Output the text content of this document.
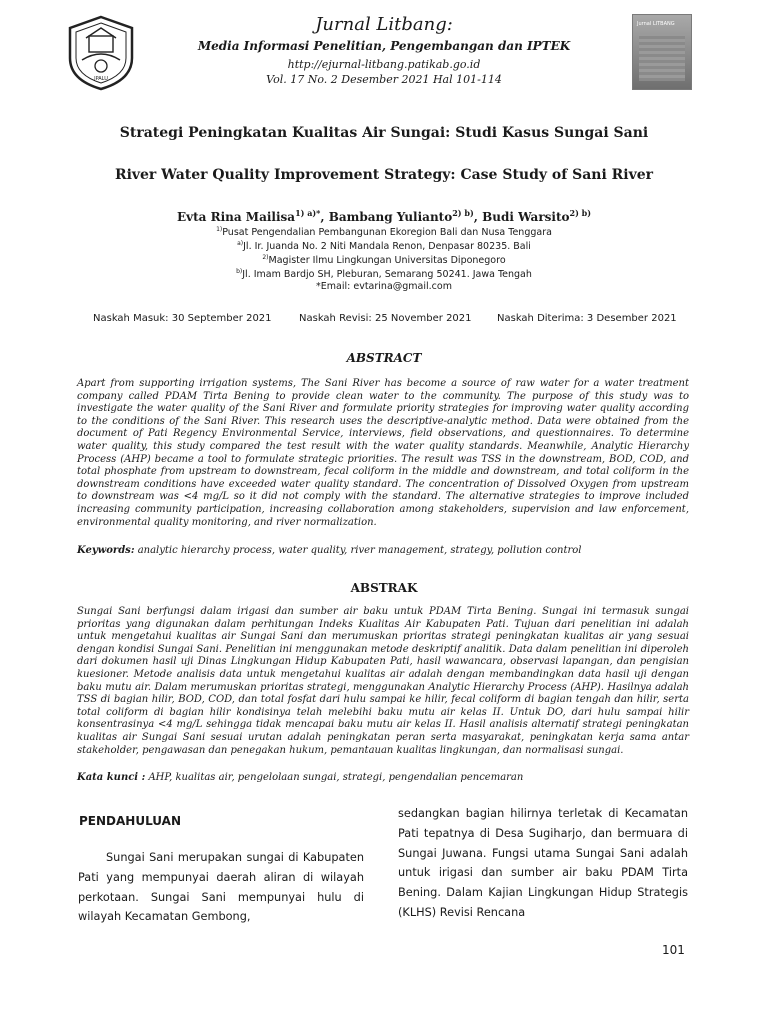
JPALU
Jurnal LITBANG
Jurnal Litbang:
Media Informasi Penelitian, Pengembangan dan IPTEK
http://ejurnal-litbang.patikab.go.id
Vol. 17 No. 2 Desember 2021 Hal 101-114
Strategi Peningkatan Kualitas Air Sungai: Studi Kasus Sungai Sani
River Water Quality Improvement Strategy: Case Study of Sani River
Evta Rina Mailisa$^{1) a)*}$, Bambang Yulianto$^{2) b)}$, Budi Warsito$^{2) b)}$
$^{1)}$Pusat Pengendalian Pembangunan Ekoregion Bali dan Nusa Tenggara
$^{a)}$Jl. Ir. Juanda No. 2 Niti Mandala Renon, Denpasar 80235. Bali
$^{2)}$Magister Ilmu Lingkungan Universitas Diponegoro
$^{b)}$Jl. Imam Bardjo SH, Pleburan, Semarang 50241. Jawa Tengah
*Email: evtarina@gmail.com
Naskah Masuk: 30 September 2021	Naskah Revisi: 25 November 2021	Naskah Diterima: 3 Desember 2021
ABSTRACT

Apart from supporting irrigation systems, The Sani River has become a source of raw water for a water treatment company called PDAM Tirta Bening to provide clean water to the community. The purpose of this study was to investigate the water quality of the Sani River and formulate priority strategies for improving water quality according to the conditions of the Sani River. This research uses the descriptive-analytic method. Data were obtained from the document of Pati Regency Environmental Service, interviews, field observations, and questionnaires. To determine water quality, this study compared the test result with the water quality standards. Meanwhile, Analytic Hierarchy Process (AHP) became a tool to formulate strategic priorities. The result was TSS in the downstream, BOD, COD, and total phosphate from upstream to downstream, fecal coliform in the middle and downstream, and total coliform in the downstream conditions have exceeded water quality standard. The concentration of Dissolved Oxygen from upstream to downstream was <4 mg/L so it did not comply with the standard. The alternative strategies to improve included increasing community participation, increasing collaboration among stakeholders, supervision and law enforcement, environmental quality monitoring, and river normalization.

Keywords: analytic hierarchy process, water quality, river management, strategy, pollution control
ABSTRAK

Sungai Sani berfungsi dalam irigasi dan sumber air baku untuk PDAM Tirta Bening. Sungai ini termasuk sungai prioritas yang digunakan dalam perhitungan Indeks Kualitas Air Kabupaten Pati. Tujuan dari penelitian ini adalah untuk mengetahui kualitas air Sungai Sani dan merumuskan prioritas strategi peningkatan kualitas air yang sesuai dengan kondisi Sungai Sani. Penelitian ini menggunakan metode deskriptif analitik. Data dalam penelitian ini diperoleh dari dokumen hasil uji Dinas Lingkungan Hidup Kabupaten Pati, hasil wawancara, observasi lapangan, dan pengisian kuesioner. Metode analisis data untuk mengetahui kualitas air adalah dengan membandingkan data hasil uji dengan baku mutu air. Dalam merumuskan prioritas strategi, menggunakan Analytic Hierarchy Process (AHP). Hasilnya adalah TSS di bagian hilir, BOD, COD, dan total fosfat dari hulu sampai ke hilir, fecal coliform di bagian tengah dan hilir, serta total coliform di bagian hilir kondisinya telah melebihi baku mutu air kelas II. Untuk DO, dari hulu sampai hilir konsentrasinya <4 mg/L sehingga tidak mencapai baku mutu air kelas II. Hasil analisis alternatif strategi peningkatan kualitas air Sungai Sani sesuai urutan adalah peningkatan peran serta masyarakat, peningkatan kerja sama antar stakeholder, pengawasan dan penegakan hukum, pemantauan kualitas lingkungan, dan normalisasi sungai.

Kata kunci : AHP, kualitas air, pengelolaan sungai, strategi, pengendalian pencemaran
PENDAHULUAN

Sungai Sani merupakan sungai di Kabupaten Pati yang mempunyai daerah aliran di wilayah perkotaan. Sungai Sani mempunyai hulu di wilayah Kecamatan Gembong,

sedangkan bagian hilirnya terletak di Kecamatan Pati tepatnya di Desa Sugiharjo, dan bermuara di Sungai Juwana. Fungsi utama Sungai Sani adalah untuk irigasi dan sumber air baku PDAM Tirta Bening. Dalam Kajian Lingkungan Hidup Strategis (KLHS) Revisi Rencana

101
